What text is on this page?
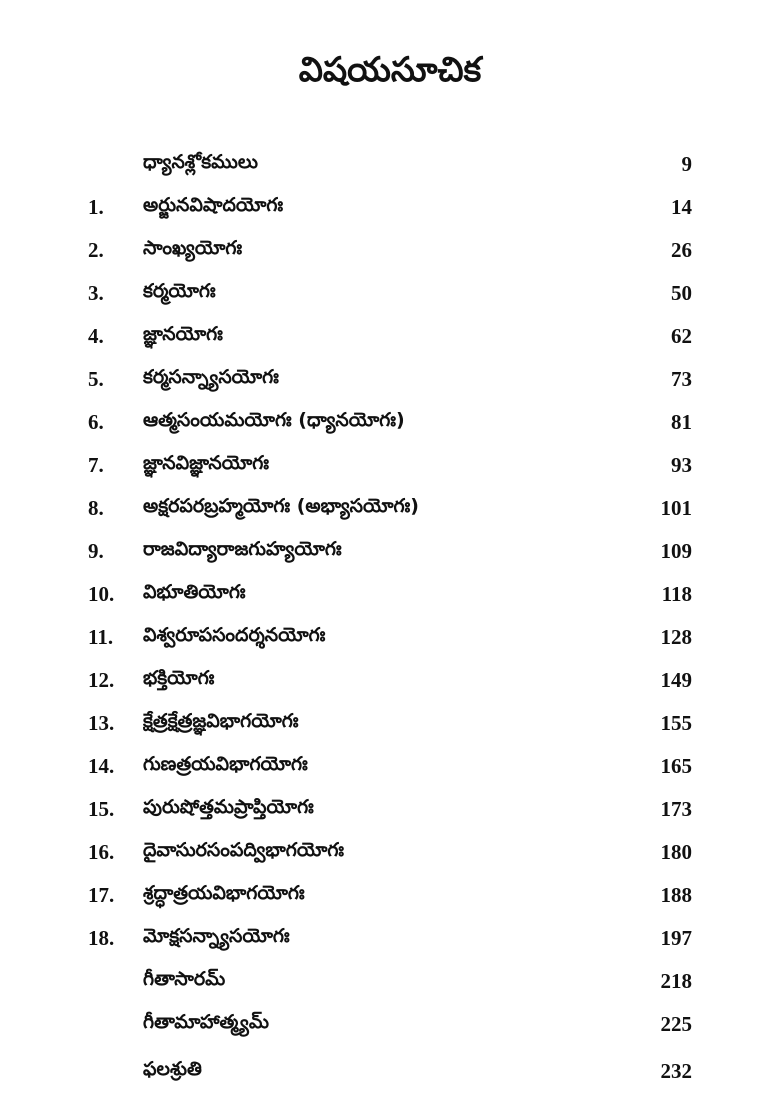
విషయసూచిక
ధ్యానశ్లోకములు	9
1.	అర్జునవిషాదయోగః	14
2.	సాంఖ్యయోగః	26
3.	కర్మయోగః	50
4.	జ్ఞానయోగః	62
5.	కర్మసన్న్యాసయోగః	73
6.	ఆత్మసంయమయోగః (ధ్యానయోగః)	81
7.	జ్ఞానవిజ్ఞానయోగః	93
8.	అక్షరపరబ్రహ్మయోగః (అభ్యాసయోగః)	101
9.	రాజవిద్యారాజగుహ్యయోగః	109
10.	విభూతియోగః	118
11.	విశ్వరూపసందర్శనయోగః	128
12.	భక్తియోగః	149
13.	క్షేత్రక్షేత్రజ్ఞవిభాగయోగః	155
14.	గుణత్రయవిభాగయోగః	165
15.	పురుషోత్తమప్రాప్తియోగః	173
16.	దైవాసురసంపద్విభాగయోగః	180
17.	శ్రద్ధాత్రయవిభాగయోగః	188
18.	మోక్షసన్న్యాసయోగః	197
గీతాసారమ్	218
గీతామాహాత్మ్యమ్	225
ఫలశ్రుతి	232
